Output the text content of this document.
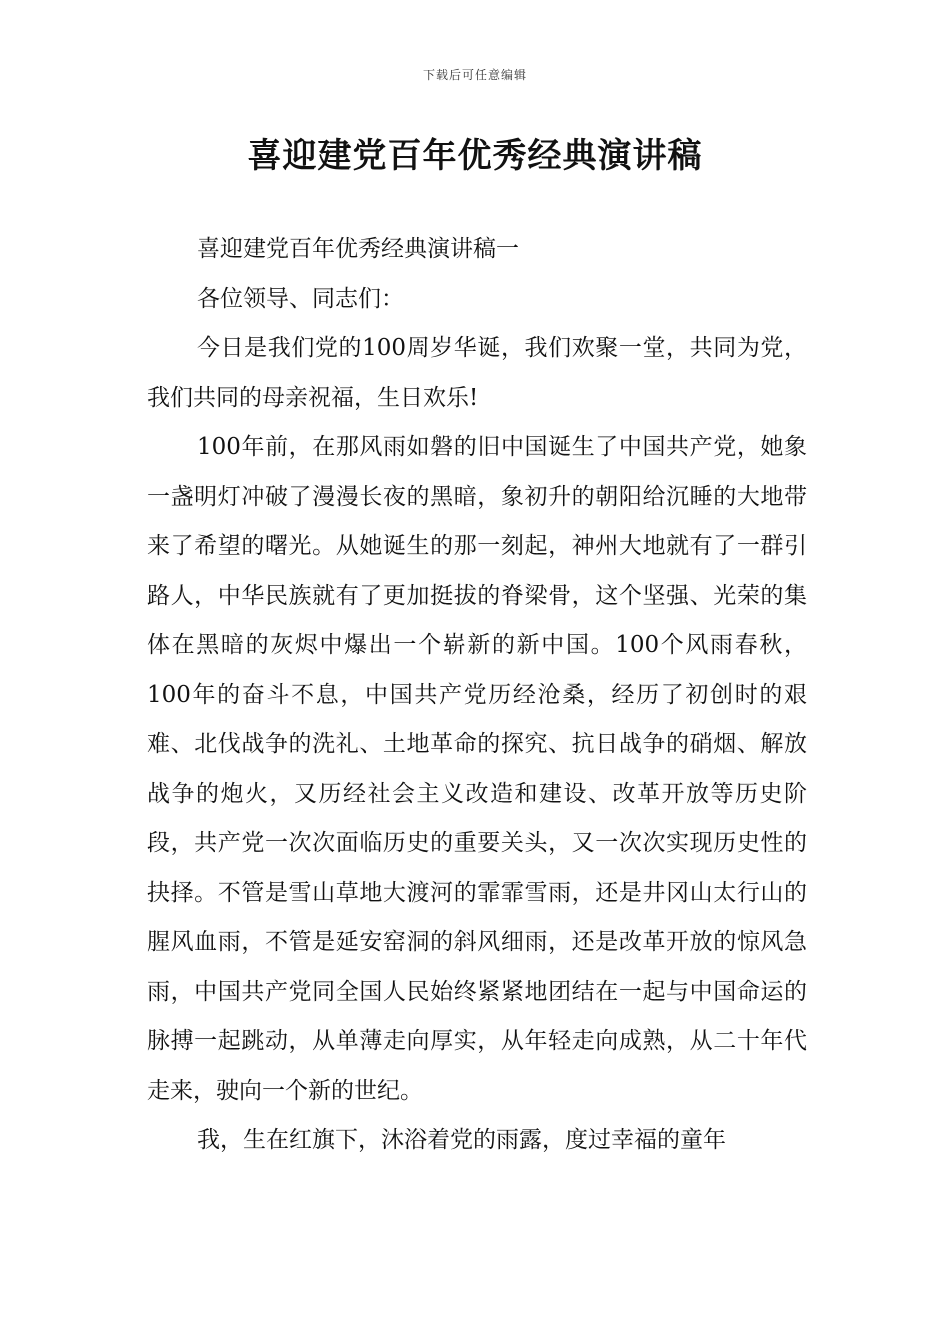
下载后可任意编辑
喜迎建党百年优秀经典演讲稿

喜迎建党百年优秀经典演讲稿一

各位领导、同志们：

今日是我们党的100周岁华诞，我们欢聚一堂，共同为党，我们共同的母亲祝福，生日欢乐!

100年前，在那风雨如磐的旧中国诞生了中国共产党，她象一盏明灯冲破了漫漫长夜的黑暗，象初升的朝阳给沉睡的大地带来了希望的曙光。从她诞生的那一刻起，神州大地就有了一群引路人，中华民族就有了更加挺拔的脊梁骨，这个坚强、光荣的集体在黑暗的灰烬中爆出一个崭新的新中国。100个风雨春秋，100年的奋斗不息，中国共产党历经沧桑，经历了初创时的艰难、北伐战争的洗礼、土地革命的探究、抗日战争的硝烟、解放战争的炮火，又历经社会主义改造和建设、改革开放等历史阶段，共产党一次次面临历史的重要关头，又一次次实现历史性的抉择。不管是雪山草地大渡河的霏霏雪雨，还是井冈山太行山的腥风血雨，不管是延安窑洞的斜风细雨，还是改革开放的惊风急雨，中国共产党同全国人民始终紧紧地团结在一起与中国命运的脉搏一起跳动，从单薄走向厚实，从年轻走向成熟，从二十年代走来，驶向一个新的世纪。

我，生在红旗下，沐浴着党的雨露，度过幸福的童年
